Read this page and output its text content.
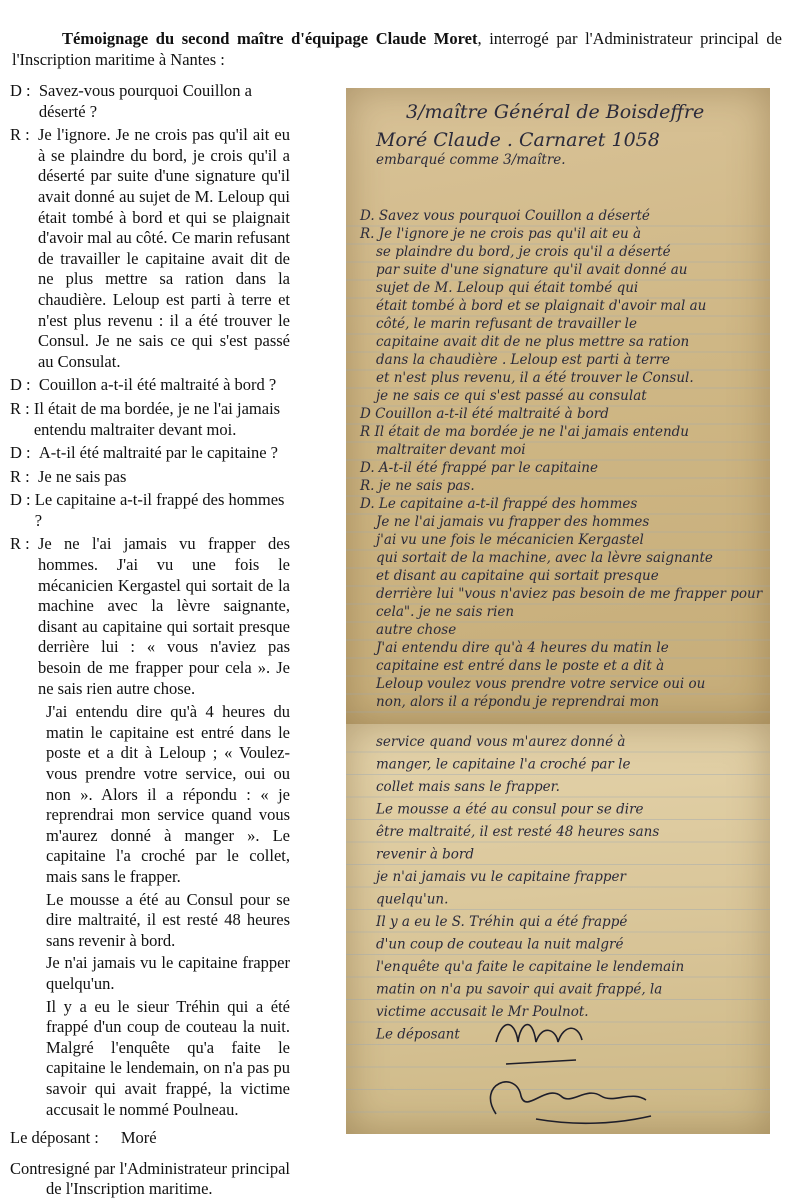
Témoignage du second maître d'équipage Claude Moret, interrogé par l'Administrateur principal de l'Inscription maritime à Nantes :
D : Savez-vous pourquoi Couillon a déserté ?
R : Je l'ignore. Je ne crois pas qu'il ait eu à se plaindre du bord, je crois qu'il a déserté par suite d'une signature qu'il avait donné au sujet de M. Leloup qui était tombé à bord et qui se plaignait d'avoir mal au côté. Ce marin refusant de travailler le capitaine avait dit de ne plus mettre sa ration dans la chaudière. Leloup est parti à terre et n'est plus revenu : il a été trouver le Consul. Je ne sais ce qui s'est passé au Consulat.
D : Couillon a-t-il été maltraité à bord ?
R : Il était de ma bordée, je ne l'ai jamais entendu maltraiter devant moi.
D : A-t-il été maltraité par le capitaine ?
R : Je ne sais pas
D : Le capitaine a-t-il frappé des hommes ?
R : Je ne l'ai jamais vu frapper des hommes. J'ai vu une fois le mécanicien Kergastel qui sortait de la machine avec la lèvre saignante, disant au capitaine qui sortait presque derrière lui : « vous n'aviez pas besoin de me frapper pour cela ». Je ne sais rien autre chose.
J'ai entendu dire qu'à 4 heures du matin le capitaine est entré dans le poste et a dit à Leloup ; « Voulez-vous prendre votre service, oui ou non ». Alors il a répondu : « je reprendrai mon service quand vous m'aurez donné à manger ». Le capitaine l'a croché par le collet, mais sans le frapper.
Le mousse a été au Consul pour se dire maltraité, il est resté 48 heures sans revenir à bord.
Je n'ai jamais vu le capitaine frapper quelqu'un.
Il y a eu le sieur Tréhin qui a été frappé d'un coup de couteau la nuit. Malgré l'enquête qu'a faite le capitaine le lendemain, on n'a pas pu savoir qui avait frappé, la victime accusait le nommé Poulneau.
Le déposant : Moré
Contresigné par l'Administrateur principal de l'Inscription maritime.
3/maître Général de Boisdeffre
Moré Claude . Carnaret 1058
embarqué comme 3/maître.
D. Savez vous pourquoi Couillon a déserté
R. Je l'ignore je ne crois pas qu'il ait eu à
se plaindre du bord, je crois qu'il a déserté
par suite d'une signature qu'il avait donné au
sujet de M. Leloup qui était tombé qui
était tombé à bord et se plaignait d'avoir mal au
côté, le marin refusant de travailler le
capitaine avait dit de ne plus mettre sa ration
dans la chaudière . Leloup est parti à terre
et n'est plus revenu, il a été trouver le Consul.
je ne sais ce qui s'est passé au consulat
D Couillon a-t-il été maltraité à bord
R Il était de ma bordée je ne l'ai jamais entendu
maltraiter devant moi
D. A-t-il été frappé par le capitaine
R. je ne sais pas.
D. Le capitaine a-t-il frappé des hommes
Je ne l'ai jamais vu frapper des hommes
j'ai vu une fois le mécanicien Kergastel
qui sortait de la machine, avec la lèvre saignante
et disant au capitaine qui sortait presque
derrière lui "vous n'aviez pas besoin de me frapper pour
cela". je ne sais rien
autre chose
J'ai entendu dire qu'à 4 heures du matin le
capitaine est entré dans le poste et a dit à
Leloup voulez vous prendre votre service oui ou
non, alors il a répondu je reprendrai mon
service quand vous m'aurez donné à
manger, le capitaine l'a croché par le
collet mais sans le frapper.
Le mousse a été au consul pour se dire
être maltraité, il est resté 48 heures sans
revenir à bord
je n'ai jamais vu le capitaine frapper
quelqu'un.
Il y a eu le S. Tréhin qui a été frappé
d'un coup de couteau la nuit malgré
l'enquête qu'a faite le capitaine le lendemain
matin on n'a pu savoir qui avait frappé, la
victime accusait le Mr Poulnot.
Le déposant
